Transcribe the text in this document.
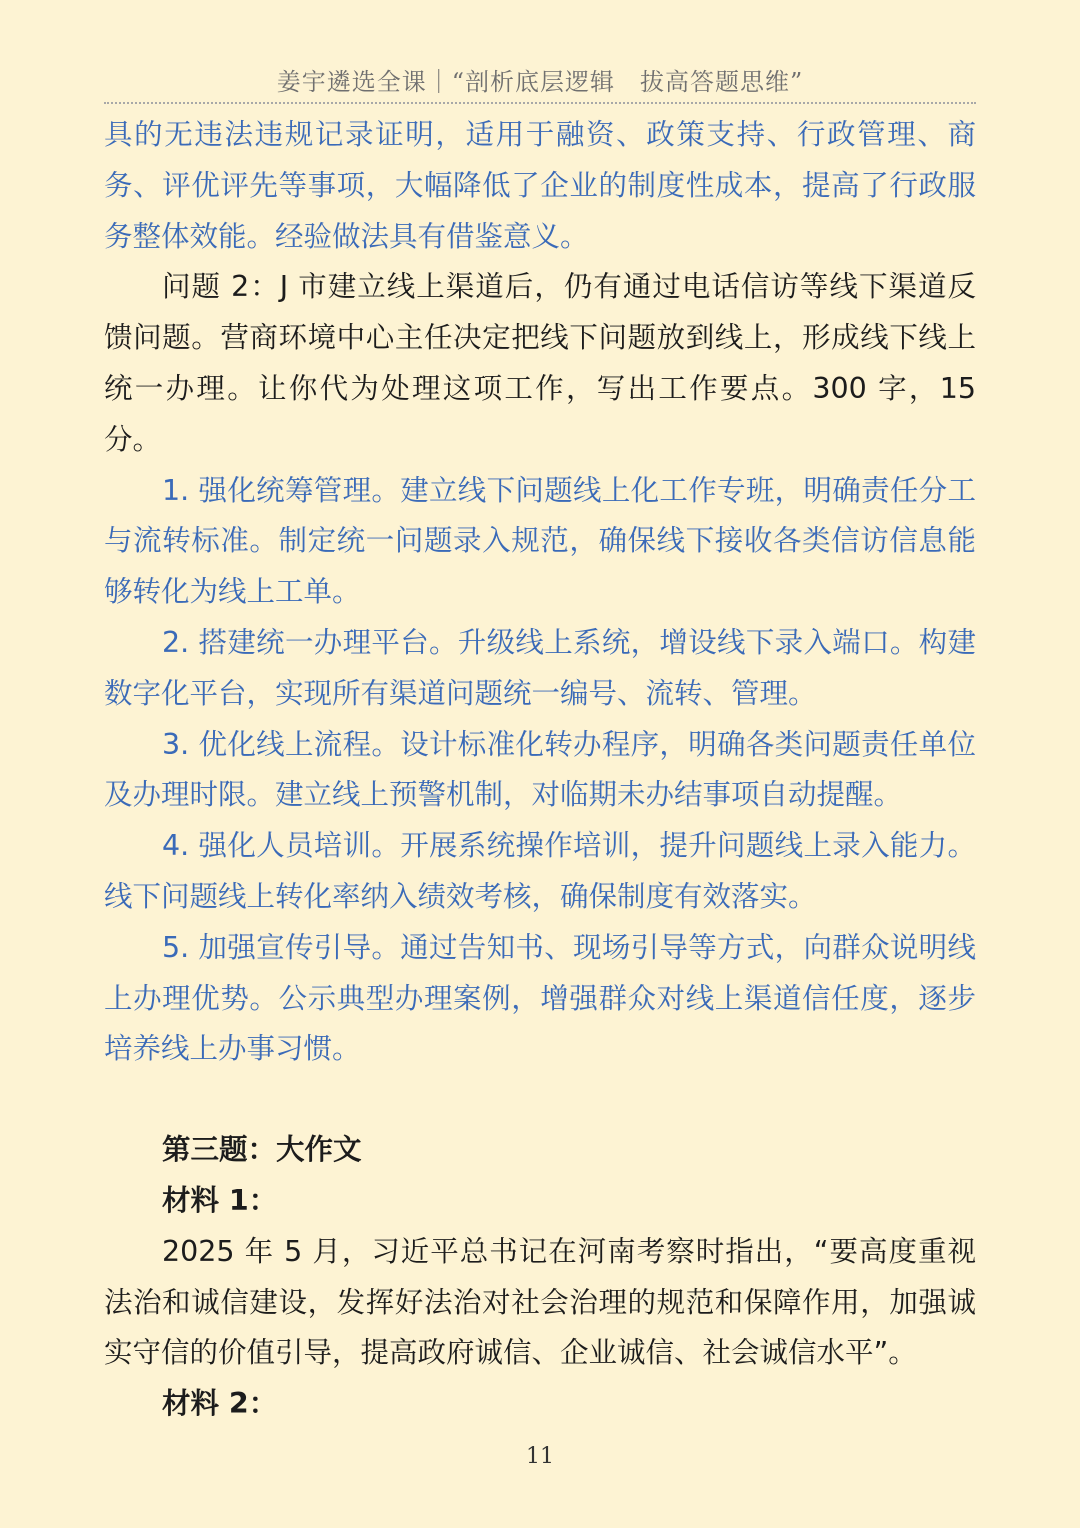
姜宇遴选全课｜“剖析底层逻辑　拔高答题思维”

具的无违法违规记录证明，适用于融资、政策支持、行政管理、商务、评优评先等事项，大幅降低了企业的制度性成本，提高了行政服务整体效能。经验做法具有借鉴意义。

问题 2：J 市建立线上渠道后，仍有通过电话信访等线下渠道反馈问题。营商环境中心主任决定把线下问题放到线上，形成线下线上统一办理。让你代为处理这项工作，写出工作要点。300 字，15 分。

1. 强化统筹管理。建立线下问题线上化工作专班，明确责任分工与流转标准。制定统一问题录入规范，确保线下接收各类信访信息能够转化为线上工单。

2. 搭建统一办理平台。升级线上系统，增设线下录入端口。构建数字化平台，实现所有渠道问题统一编号、流转、管理。

3. 优化线上流程。设计标准化转办程序，明确各类问题责任单位及办理时限。建立线上预警机制，对临期未办结事项自动提醒。

4. 强化人员培训。开展系统操作培训，提升问题线上录入能力。线下问题线上转化率纳入绩效考核，确保制度有效落实。

5. 加强宣传引导。通过告知书、现场引导等方式，向群众说明线上办理优势。公示典型办理案例，增强群众对线上渠道信任度，逐步培养线上办事习惯。

第三题：大作文

材料 1：

2025 年 5 月，习近平总书记在河南考察时指出，“要高度重视法治和诚信建设，发挥好法治对社会治理的规范和保障作用，加强诚实守信的价值引导，提高政府诚信、企业诚信、社会诚信水平”。

材料 2：

11
